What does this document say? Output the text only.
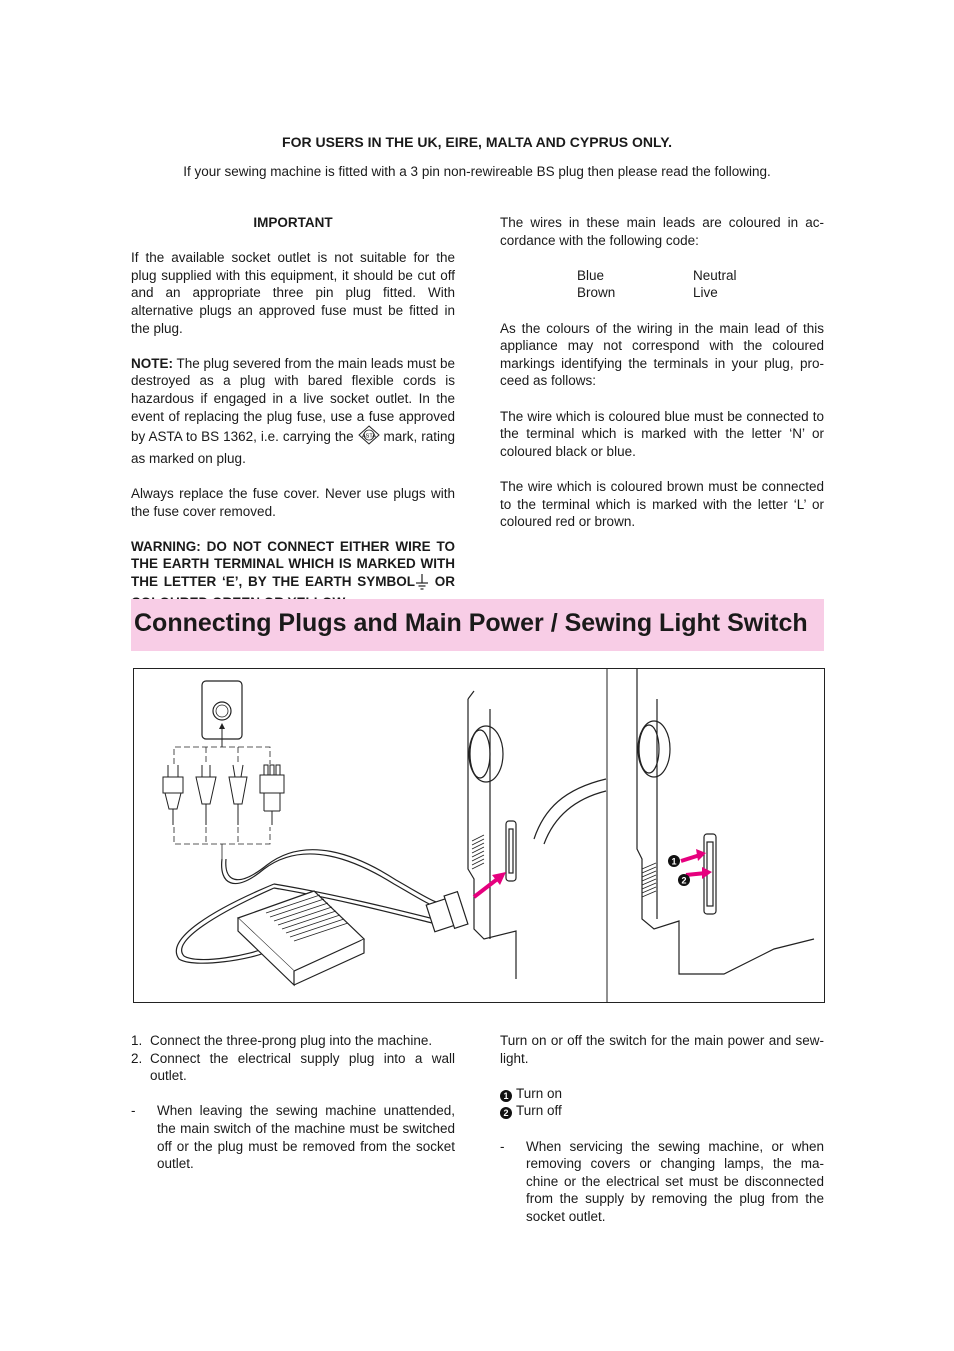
FOR USERS IN THE UK, EIRE, MALTA AND CYPRUS ONLY.
If your sewing machine is fitted with a 3 pin non-rewireable BS plug then please read the following.

IMPORTANT

If the available socket outlet is not suitable for the plug supplied with this equipment, it should be cut off and an appropriate three pin plug fitted. With alternative plugs an approved fuse must be fitted in the plug.

NOTE: The plug severed from the main leads must be destroyed as a plug with bared flexible cords is hazardous if engaged in a live socket outlet. In the event of replacing the plug fuse, use a fuse approved by ASTA to BS 1362, i.e. carrying the ASTA mark, rating as marked on plug.

Always replace the fuse cover. Never use plugs with the fuse cover removed.

WARNING: DO NOT CONNECT EITHER WIRE TO THE EARTH TERMINAL WHICH IS MARKED WITH THE LETTER ‘E’, BY THE EARTH SYMBOL OR

The wires in these main leads are coloured in ac-cordance with the following code:

Blue	Neutral
Brown	Live

As the colours of the wiring in the main lead of this appliance may not correspond with the coloured markings identifying the terminals in your plug, pro-ceed as follows:

The wire which is coloured blue must be connected to the terminal which is marked with the letter ‘N’ or coloured black or blue.

The wire which is coloured brown must be connected to the terminal which is marked with the letter ‘L’ or coloured red or brown.

Connecting Plugs and Main Power / Sewing Light Switch
1
2
1. Connect the three-prong plug into the machine.
2. Connect the electrical supply plug into a wall outlet.
-	When leaving the sewing machine unattended, the main switch of the machine must be switched off or the plug must be removed from the socket outlet.

Turn on or off the switch for the main power and sew-light.

1 Turn on
2 Turn off
-	When servicing the sewing machine, or when removing covers or changing lamps, the ma-chine or the electrical set must be disconnected from the supply by removing the plug from the socket outlet.
